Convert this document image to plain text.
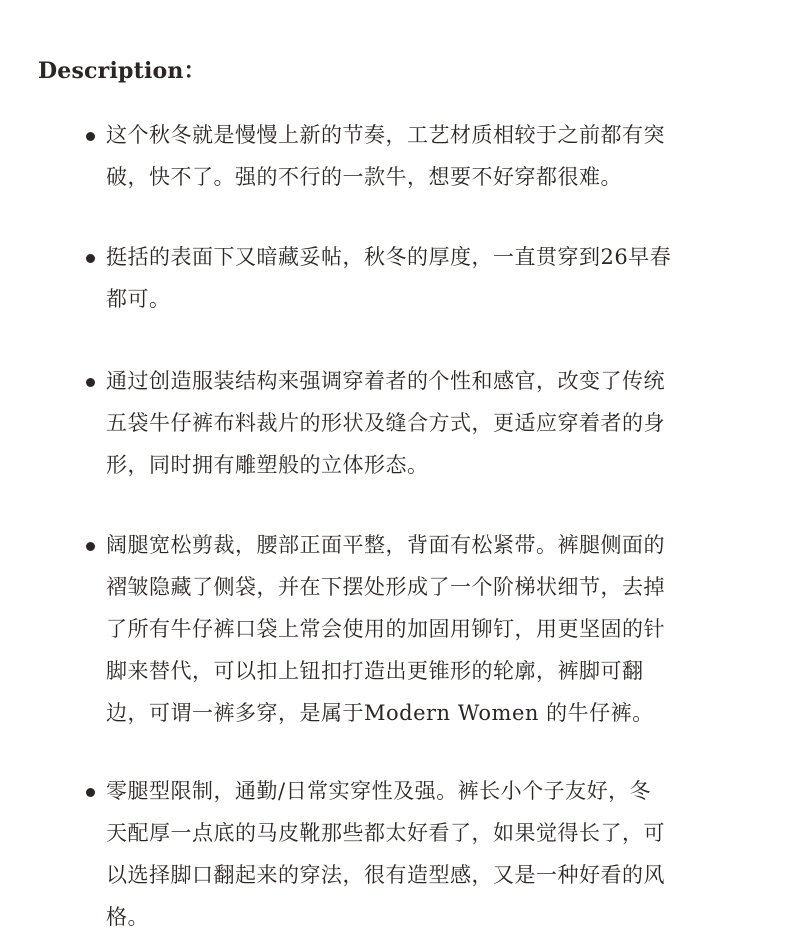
Description：
这个秋冬就是慢慢上新的节奏，工艺材质相较于之前都有突
破，快不了。强的不行的一款牛，想要不好穿都很难。
挺括的表面下又暗藏妥帖，秋冬的厚度，一直贯穿到26早春
都可。
通过创造服装结构来强调穿着者的个性和感官，改变了传统
五袋牛仔裤布料裁片的形状及缝合方式，更适应穿着者的身
形，同时拥有雕塑般的立体形态。
阔腿宽松剪裁，腰部正面平整，背面有松紧带。裤腿侧面的
褶皱隐藏了侧袋，并在下摆处形成了一个阶梯状细节，去掉
了所有牛仔裤口袋上常会使用的加固用铆钉，用更坚固的针
脚来替代，可以扣上钮扣打造出更锥形的轮廓，裤脚可翻
边，可谓一裤多穿，是属于Modern Women 的牛仔裤。
零腿型限制，通勤/日常实穿性及强。裤长小个子友好，冬
天配厚一点底的马皮靴那些都太好看了，如果觉得长了，可
以选择脚口翻起来的穿法，很有造型感，又是一种好看的风
格。
